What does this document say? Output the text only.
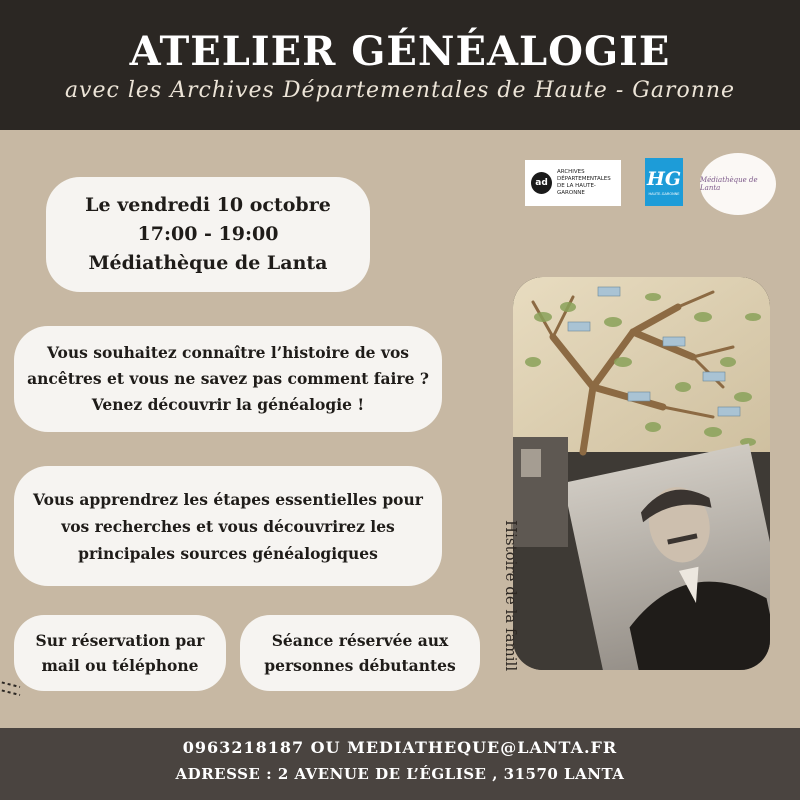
ATELIER GÉNÉALOGIE
avec les Archives Départementales de Haute - Garonne
Le vendredi 10 octobre
17:00 - 19:00
Médiathèque de Lanta
Vous souhaitez connaître l’histoire de vos
ancêtres et vous ne savez pas comment faire ?
Venez découvrir la généalogie !
Vous apprendrez les étapes essentielles pour
vos recherches et vous découvrirez les
principales sources généalogiques
Sur réservation par
mail ou téléphone
Séance réservée aux
personnes débutantes
ad
ARCHIVES
DÉPARTEMENTALES
DE LA HAUTE-GARONNE
HG
HAUTE-GARONNE
Médiathèque de Lanta
Histoire de la famill
0963218187 OU MEDIATHEQUE@LANTA.FR
ADRESSE : 2 AVENUE DE L’ÉGLISE , 31570 LANTA
